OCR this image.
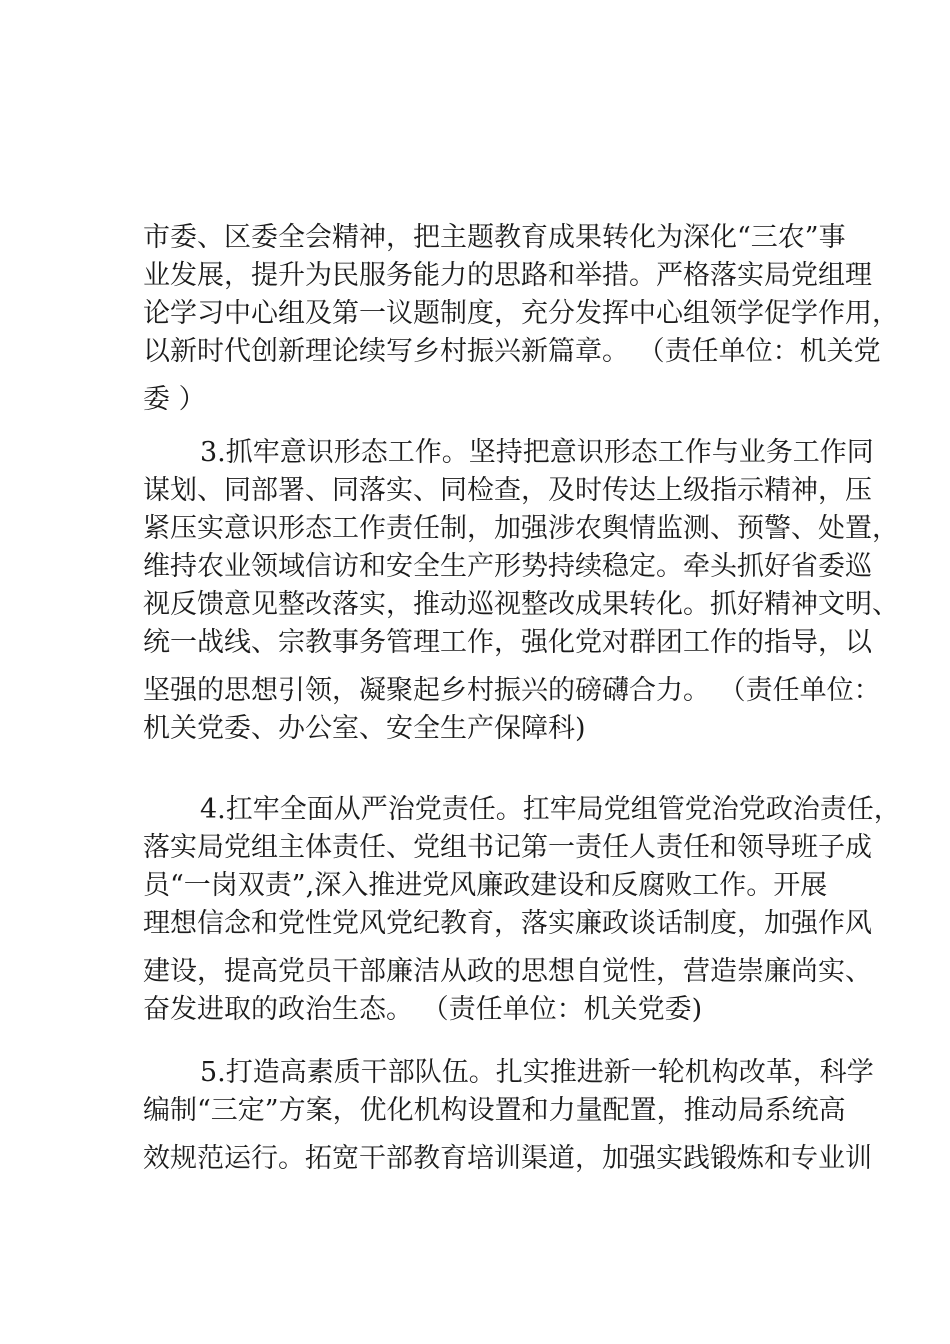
市委、区委全会精神，把主题教育成果转化为深化“三农”事
业发展，提升为民服务能力的思路和举措。严格落实局党组理
论学习中心组及第一议题制度，充分发挥中心组领学促学作用，
以新时代创新理论续写乡村振兴新篇章。 （责任单位：机关党
委 ）
3.抓牢意识形态工作。坚持把意识形态工作与业务工作同
谋划、同部署、同落实、同检查，及时传达上级指示精神，压
紧压实意识形态工作责任制，加强涉农舆情监测、预警、处置，
维持农业领域信访和安全生产形势持续稳定。牵头抓好省委巡
视反馈意见整改落实，推动巡视整改成果转化。抓好精神文明、
统一战线、宗教事务管理工作，强化党对群团工作的指导，以
坚强的思想引领，凝聚起乡村振兴的磅礴合力。 （责任单位：
机关党委、办公室、安全生产保障科)
4.扛牢全面从严治党责任。扛牢局党组管党治党政治责任，
落实局党组主体责任、党组书记第一责任人责任和领导班子成
员“一岗双责”,深入推进党风廉政建设和反腐败工作。开展
理想信念和党性党风党纪教育，落实廉政谈话制度，加强作风
建设，提高党员干部廉洁从政的思想自觉性，营造崇廉尚实、
奋发进取的政治生态。 （责任单位：机关党委)
5.打造高素质干部队伍。扎实推进新一轮机构改革，科学
编制“三定”方案，优化机构设置和力量配置，推动局系统高
效规范运行。拓宽干部教育培训渠道，加强实践锻炼和专业训
